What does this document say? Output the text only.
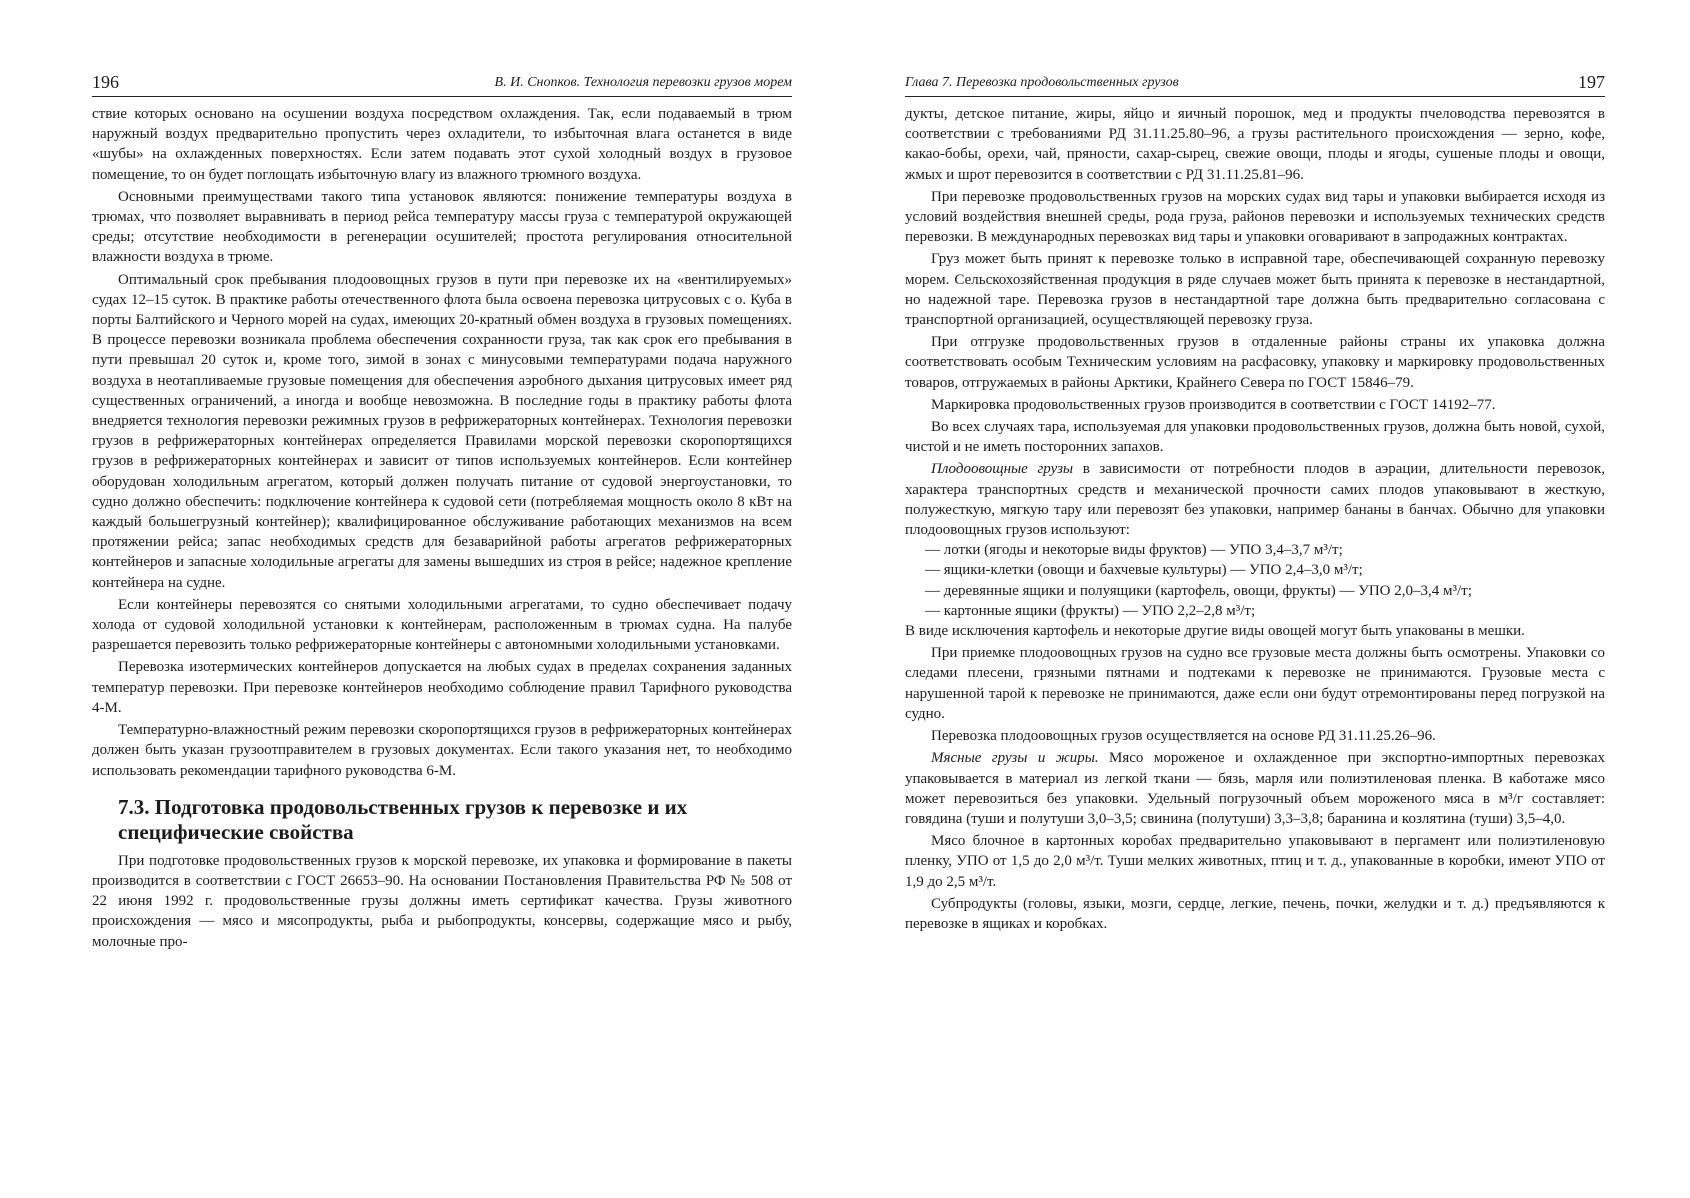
196	В. И. Снопков. Технология перевозки грузов морем

ствие которых основано на осушении воздуха посредством охлаждения. Так, если подаваемый в трюм наружный воздух предварительно пропустить через охладители, то избыточная влага останется в виде «шубы» на охлажденных поверхностях. Если затем подавать этот сухой холодный воздух в грузовое помещение, то он будет поглощать избыточную влагу из влажного трюмного воздуха.

Основными преимуществами такого типа установок являются: понижение температуры воздуха в трюмах, что позволяет выравнивать в период рейса температуру массы груза с температурой окружающей среды; отсутствие необходимости в регенерации осушителей; простота регулирования относительной влажности воздуха в трюме.

Оптимальный срок пребывания плодоовощных грузов в пути при перевозке их на «вентилируемых» судах 12–15 суток. В практике работы отечественного флота была освоена перевозка цитрусовых с о. Куба в порты Балтийского и Черного морей на судах, имеющих 20-кратный обмен воздуха в грузовых помещениях. В процессе перевозки возникала проблема обеспечения сохранности груза, так как срок его пребывания в пути превышал 20 суток и, кроме того, зимой в зонах с минусовыми температурами подача наружного воздуха в неотапливаемые грузовые помещения для обеспечения аэробного дыхания цитрусовых имеет ряд существенных ограничений, а иногда и вообще невозможна. В последние годы в практику работы флота внедряется технология перевозки режимных грузов в рефрижераторных контейнерах. Технология перевозки грузов в рефрижераторных контейнерах определяется Правилами морской перевозки скоропортящихся грузов в рефрижераторных контейнерах и зависит от типов используемых контейнеров. Если контейнер оборудован холодильным агрегатом, который должен получать питание от судовой энергоустановки, то судно должно обеспечить: подключение контейнера к судовой сети (потребляемая мощность около 8 кВт на каждый большегрузный контейнер); квалифицированное обслуживание работающих механизмов на всем протяжении рейса; запас необходимых средств для безаварийной работы агрегатов рефрижераторных контейнеров и запасные холодильные агрегаты для замены вышедших из строя в рейсе; надежное крепление контейнера на судне.

Если контейнеры перевозятся со снятыми холодильными агрегатами, то судно обеспечивает подачу холода от судовой холодильной установки к контейнерам, расположенным в трюмах судна. На палубе разрешается перевозить только рефрижераторные контейнеры с автономными холодильными установками.

Перевозка изотермических контейнеров допускается на любых судах в пределах сохранения заданных температур перевозки. При перевозке контейнеров необходимо соблюдение правил Тарифного руководства 4-М.

Температурно-влажностный режим перевозки скоропортящихся грузов в рефрижераторных контейнерах должен быть указан грузоотправителем в грузовых документах. Если такого указания нет, то необходимо использовать рекомендации тарифного руководства 6-М.

7.3. Подготовка продовольственных грузов к перевозке и их специфические свойства

При подготовке продовольственных грузов к морской перевозке, их упаковка и формирование в пакеты производится в соответствии с ГОСТ 26653–90. На основании Постановления Правительства РФ № 508 от 22 июня 1992 г. продовольственные грузы должны иметь сертификат качества. Грузы животного происхождения — мясо и мясопродукты, рыба и рыбопродукты, консервы, содержащие мясо и рыбу, молочные про-

Глава 7. Перевозка продовольственных грузов	197

дукты, детское питание, жиры, яйцо и яичный порошок, мед и продукты пчеловодства перевозятся в соответствии с требованиями РД 31.11.25.80–96, а грузы растительного происхождения — зерно, кофе, какао-бобы, орехи, чай, пряности, сахар-сырец, свежие овощи, плоды и ягоды, сушеные плоды и овощи, жмых и шрот перевозится в соответствии с РД 31.11.25.81–96.

При перевозке продовольственных грузов на морских судах вид тары и упаковки выбирается исходя из условий воздействия внешней среды, рода груза, районов перевозки и используемых технических средств перевозки. В международных перевозках вид тары и упаковки оговаривают в запродажных контрактах.

Груз может быть принят к перевозке только в исправной таре, обеспечивающей сохранную перевозку морем. Сельскохозяйственная продукция в ряде случаев может быть принята к перевозке в нестандартной, но надежной таре. Перевозка грузов в нестандартной таре должна быть предварительно согласована с транспортной организацией, осуществляющей перевозку груза.

При отгрузке продовольственных грузов в отдаленные районы страны их упаковка должна соответствовать особым Техническим условиям на расфасовку, упаковку и маркировку продовольственных товаров, отгружаемых в районы Арктики, Крайнего Севера по ГОСТ 15846–79.

Маркировка продовольственных грузов производится в соответствии с ГОСТ 14192–77.

Во всех случаях тара, используемая для упаковки продовольственных грузов, должна быть новой, сухой, чистой и не иметь посторонних запахов.

Плодоовощные грузы в зависимости от потребности плодов в аэрации, длительности перевозок, характера транспортных средств и механической прочности самих плодов упаковывают в жесткую, полужесткую, мягкую тару или перевозят без упаковки, например бананы в банчах. Обычно для упаковки плодоовощных грузов используют:

— лотки (ягоды и некоторые виды фруктов) — УПО 3,4–3,7 м³/т;

— ящики-клетки (овощи и бахчевые культуры) — УПО 2,4–3,0 м³/т;

— деревянные ящики и полуящики (картофель, овощи, фрукты) — УПО 2,0–3,4 м³/т;

— картонные ящики (фрукты) — УПО 2,2–2,8 м³/т;

В виде исключения картофель и некоторые другие виды овощей могут быть упакованы в мешки.

При приемке плодоовощных грузов на судно все грузовые места должны быть осмотрены. Упаковки со следами плесени, грязными пятнами и подтеками к перевозке не принимаются. Грузовые места с нарушенной тарой к перевозке не принимаются, даже если они будут отремонтированы перед погрузкой на судно.

Перевозка плодоовощных грузов осуществляется на основе РД 31.11.25.26–96.

Мясные грузы и жиры. Мясо мороженое и охлажденное при экспортно-импортных перевозках упаковывается в материал из легкой ткани — бязь, марля или полиэтиленовая пленка. В каботаже мясо может перевозиться без упаковки. Удельный погрузочный объем мороженого мяса в м³/г составляет: говядина (туши и полутуши 3,0–3,5; свинина (полутуши) 3,3–3,8; баранина и козлятина (туши) 3,5–4,0.

Мясо блочное в картонных коробах предварительно упаковывают в пергамент или полиэтиленовую пленку, УПО от 1,5 до 2,0 м³/т. Туши мелких животных, птиц и т. д., упакованные в коробки, имеют УПО от 1,9 до 2,5 м³/т.

Субпродукты (головы, языки, мозги, сердце, легкие, печень, почки, желудки и т. д.) предъявляются к перевозке в ящиках и коробках.
